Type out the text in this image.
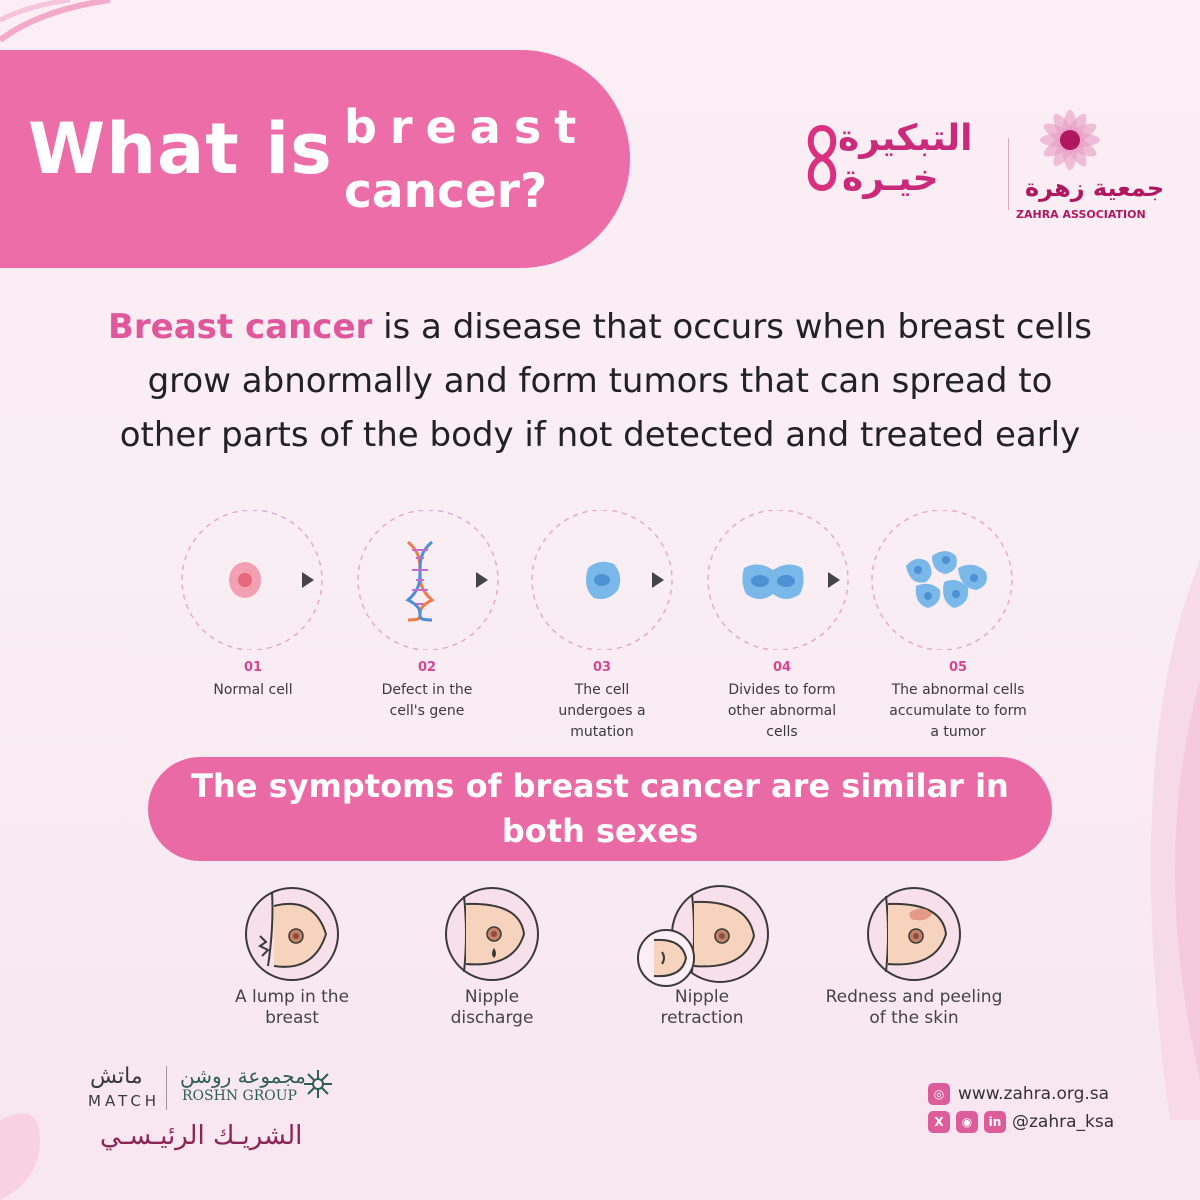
What is breast
cancer?
التبكيرة
خيـرة	جمعية زهرة
ZAHRA ASSOCIATION
Breast cancer is a disease that occurs when breast cells grow abnormally and form tumors that can spread to other parts of the body if not detected and treated early
01
Normal cell
02
Defect in the cell's gene
03
The cell undergoes a mutation
04
Divides to form other abnormal cells
05
The abnormal cells accumulate to form a tumor
The symptoms of breast cancer are similar in both sexes
A lump in the breast
Nipple discharge
Nipple retraction
Redness and peeling of the skin
ماتش
MATCH
مجموعة روشن
ROSHN GROUP
الشريـك الرئيـسـي
◎ www.zahra.org.sa
X	◉	in @zahra_ksa
